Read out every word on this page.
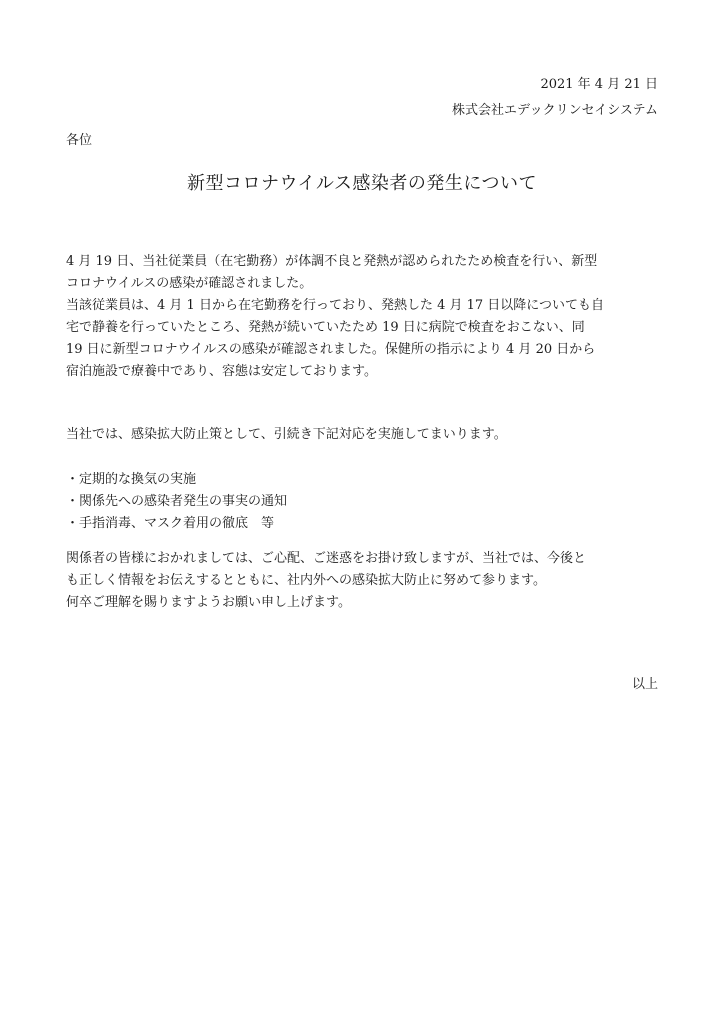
2021 年 4 月 21 日
株式会社エデックリンセイシステム
各位
新型コロナウイルス感染者の発生について

4 月 19 日、当社従業員（在宅勤務）が体調不良と発熱が認められたため検査を行い、新型

コロナウイルスの感染が確認されました。

当該従業員は、4 月 1 日から在宅勤務を行っており、発熱した 4 月 17 日以降についても自

宅で静養を行っていたところ、発熱が続いていたため 19 日に病院で検査をおこない、同

19 日に新型コロナウイルスの感染が確認されました。保健所の指示により 4 月 20 日から

宿泊施設で療養中であり、容態は安定しております。

当社では、感染拡大防止策として、引続き下記対応を実施してまいります。

・定期的な換気の実施
・関係先への感染者発生の事実の通知
・手指消毒、マスク着用の徹底　等

関係者の皆様におかれましては、ご心配、ご迷惑をお掛け致しますが、当社では、今後と

も正しく情報をお伝えするとともに、社内外への感染拡大防止に努めて参ります。

何卒ご理解を賜りますようお願い申し上げます。

以上
